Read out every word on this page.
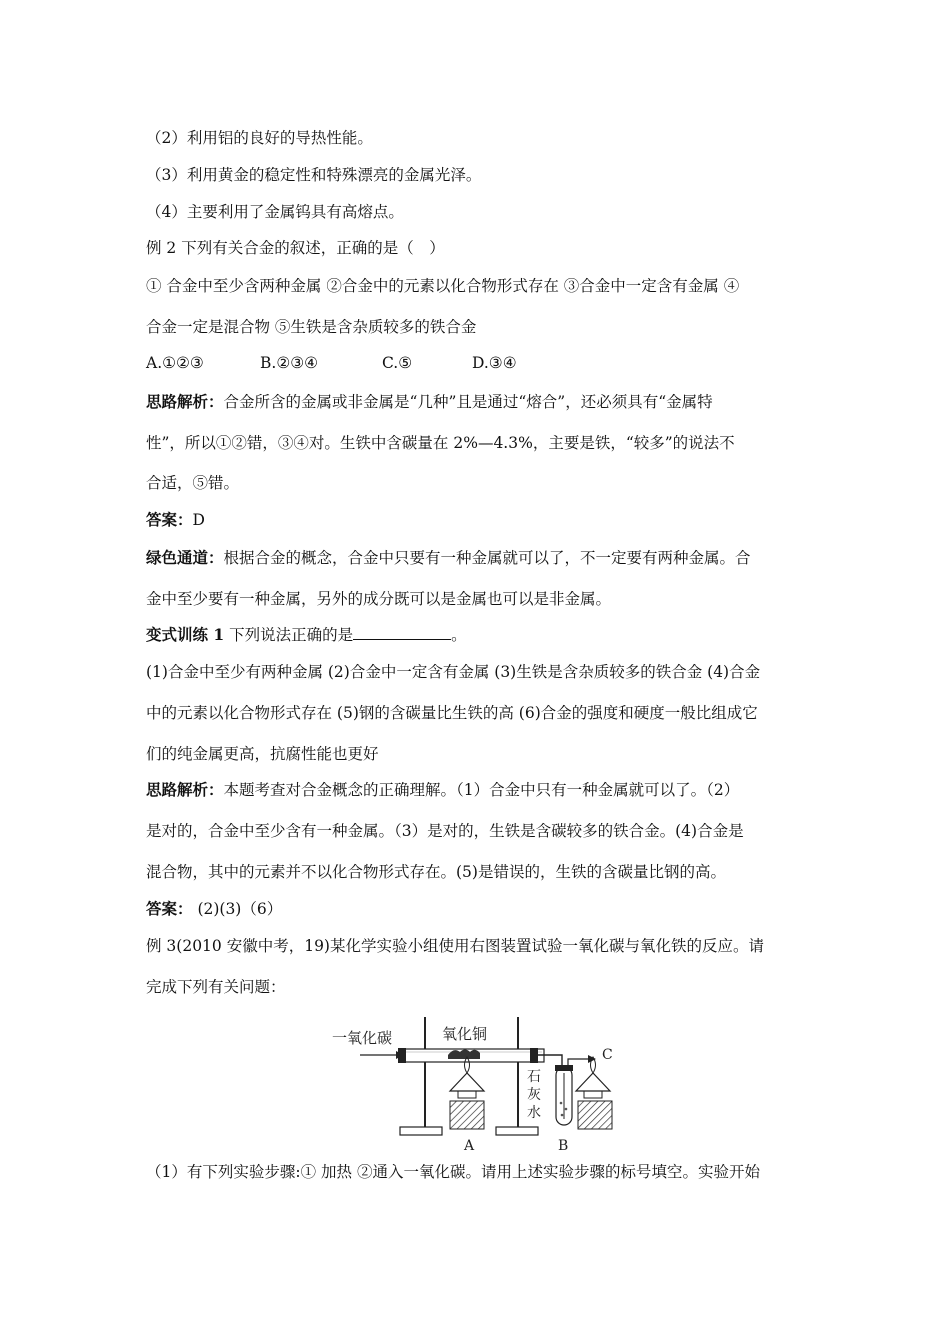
（2）利用铝的良好的导热性能。
（3）利用黄金的稳定性和特殊漂亮的金属光泽。
（4）主要利用了金属钨具有高熔点。
例 2 下列有关合金的叙述，正确的是（　）
① 合金中至少含两种金属 ②合金中的元素以化合物形式存在 ③合金中一定含有金属 ④
合金一定是混合物 ⑤生铁是含杂质较多的铁合金
A.①②③	B.②③④	C.⑤	D.③④
思路解析：合金所含的金属或非金属是“几种”且是通过“熔合”，还必须具有“金属特
性”，所以①②错，③④对。生铁中含碳量在 2%—4.3%，主要是铁，“较多”的说法不
合适，⑤错。
答案：D
绿色通道：根据合金的概念，合金中只要有一种金属就可以了，不一定要有两种金属。合
金中至少要有一种金属，另外的成分既可以是金属也可以是非金属。
变式训练 1 下列说法正确的是	。
(1)合金中至少有两种金属 (2)合金中一定含有金属 (3)生铁是含杂质较多的铁合金 (4)合金
中的元素以化合物形式存在 (5)钢的含碳量比生铁的高 (6)合金的强度和硬度一般比组成它
们的纯金属更高，抗腐性能也更好
思路解析：本题考查对合金概念的正确理解。（1）合金中只有一种金属就可以了。（2）
是对的，合金中至少含有一种金属。（3）是对的，生铁是含碳较多的铁合金。(4)合金是
混合物，其中的元素并不以化合物形式存在。(5)是错误的，生铁的含碳量比钢的高。
答案： (2)(3)（6）
例 3(2010 安徽中考，19)某化学实验小组使用右图装置试验一氧化碳与氧化铁的反应。请
完成下列有关问题：
一氧化碳	氧化铜
A
C
石
灰
水
B
（1）有下列实验步骤:① 加热 ②通入一氧化碳。请用上述实验步骤的标号填空。实验开始
